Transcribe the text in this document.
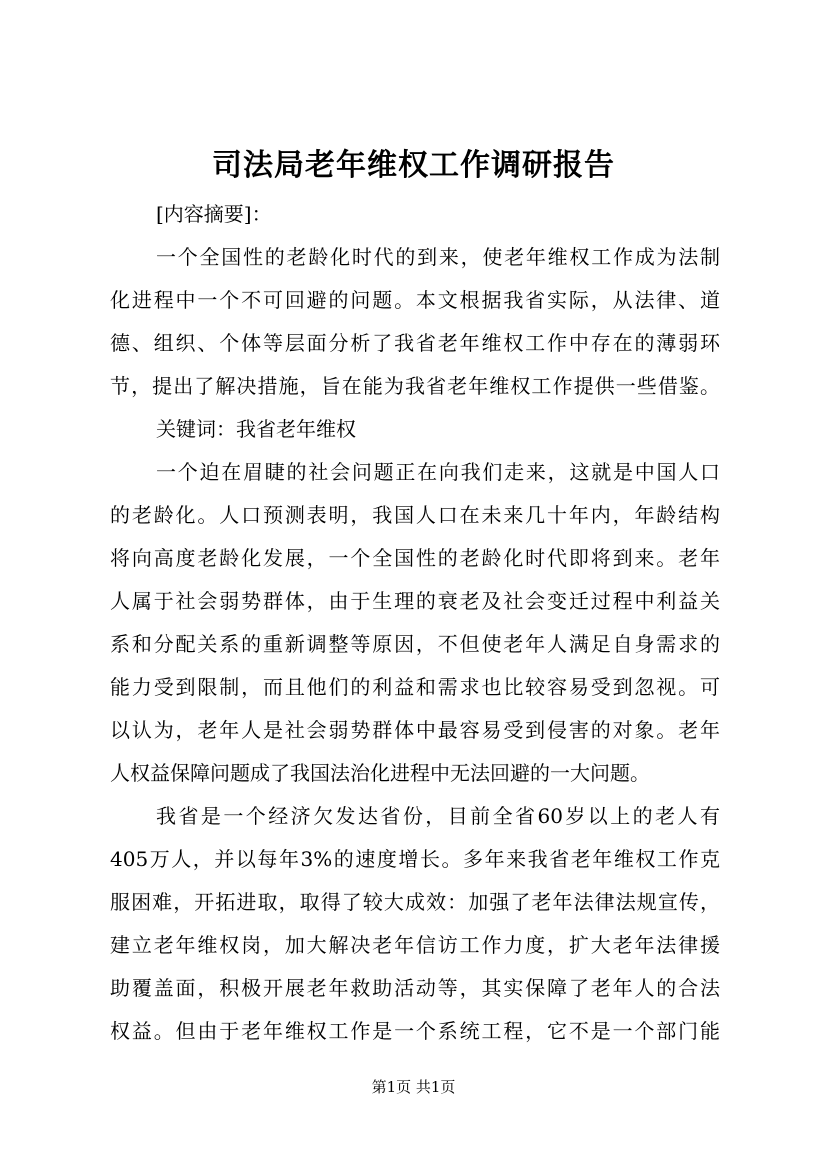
司法局老年维权工作调研报告
[内容摘要]：
一个全国性的老龄化时代的到来，使老年维权工作成为法制
化进程中一个不可回避的问题。本文根据我省实际，从法律、道
德、组织、个体等层面分析了我省老年维权工作中存在的薄弱环
节，提出了解决措施，旨在能为我省老年维权工作提供一些借鉴。
关键词：我省老年维权
一个迫在眉睫的社会问题正在向我们走来，这就是中国人口
的老龄化。人口预测表明，我国人口在未来几十年内，年龄结构
将向高度老龄化发展，一个全国性的老龄化时代即将到来。老年
人属于社会弱势群体，由于生理的衰老及社会变迁过程中利益关
系和分配关系的重新调整等原因，不但使老年人满足自身需求的
能力受到限制，而且他们的利益和需求也比较容易受到忽视。可
以认为，老年人是社会弱势群体中最容易受到侵害的对象。老年
人权益保障问题成了我国法治化进程中无法回避的一大问题。
我省是一个经济欠发达省份，目前全省60岁以上的老人有
405万人，并以每年3%的速度增长。多年来我省老年维权工作克
服困难，开拓进取，取得了较大成效：加强了老年法律法规宣传，
建立老年维权岗，加大解决老年信访工作力度，扩大老年法律援
助覆盖面，积极开展老年救助活动等，其实保障了老年人的合法
权益。但由于老年维权工作是一个系统工程，它不是一个部门能
第1页 共1页
